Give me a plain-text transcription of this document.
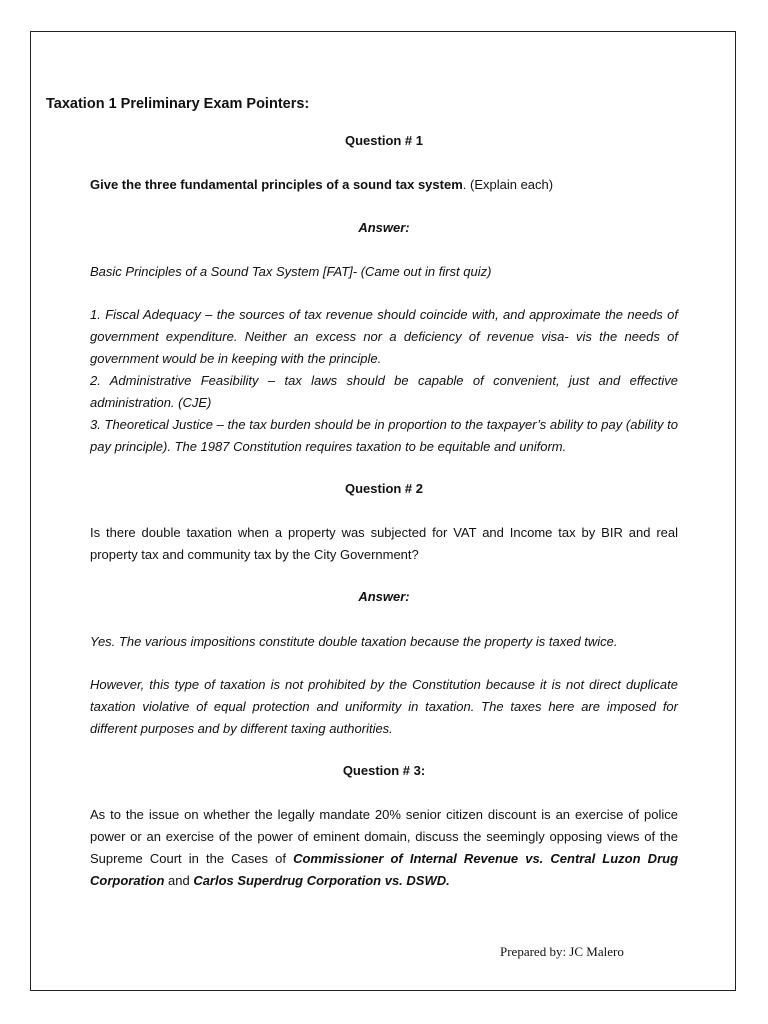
Taxation 1 Preliminary Exam Pointers:

Question # 1

Give the three fundamental principles of a sound tax system. (Explain each)

Answer:

Basic Principles of a Sound Tax System [FAT]- (Came out in first quiz)

1. Fiscal Adequacy – the sources of tax revenue should coincide with, and approximate the needs of government expenditure. Neither an excess nor a deficiency of revenue visa- vis the needs of government would be in keeping with the principle.
2. Administrative Feasibility – tax laws should be capable of convenient, just and effective administration. (CJE)
3. Theoretical Justice – the tax burden should be in proportion to the taxpayer’s ability to pay (ability to pay principle). The 1987 Constitution requires taxation to be equitable and uniform.

Question # 2

Is there double taxation when a property was subjected for VAT and Income tax by BIR and real property tax and community tax by the City Government?

Answer:

Yes. The various impositions constitute double taxation because the property is taxed twice.

However, this type of taxation is not prohibited by the Constitution because it is not direct duplicate taxation violative of equal protection and uniformity in taxation. The taxes here are imposed for different purposes and by different taxing authorities.

Question # 3:

As to the issue on whether the legally mandate 20% senior citizen discount is an exercise of police power or an exercise of the power of eminent domain, discuss the seemingly opposing views of the Supreme Court in the Cases of Commissioner of Internal Revenue vs. Central Luzon Drug Corporation and Carlos Superdrug Corporation vs. DSWD.

Prepared by: JC Malero
